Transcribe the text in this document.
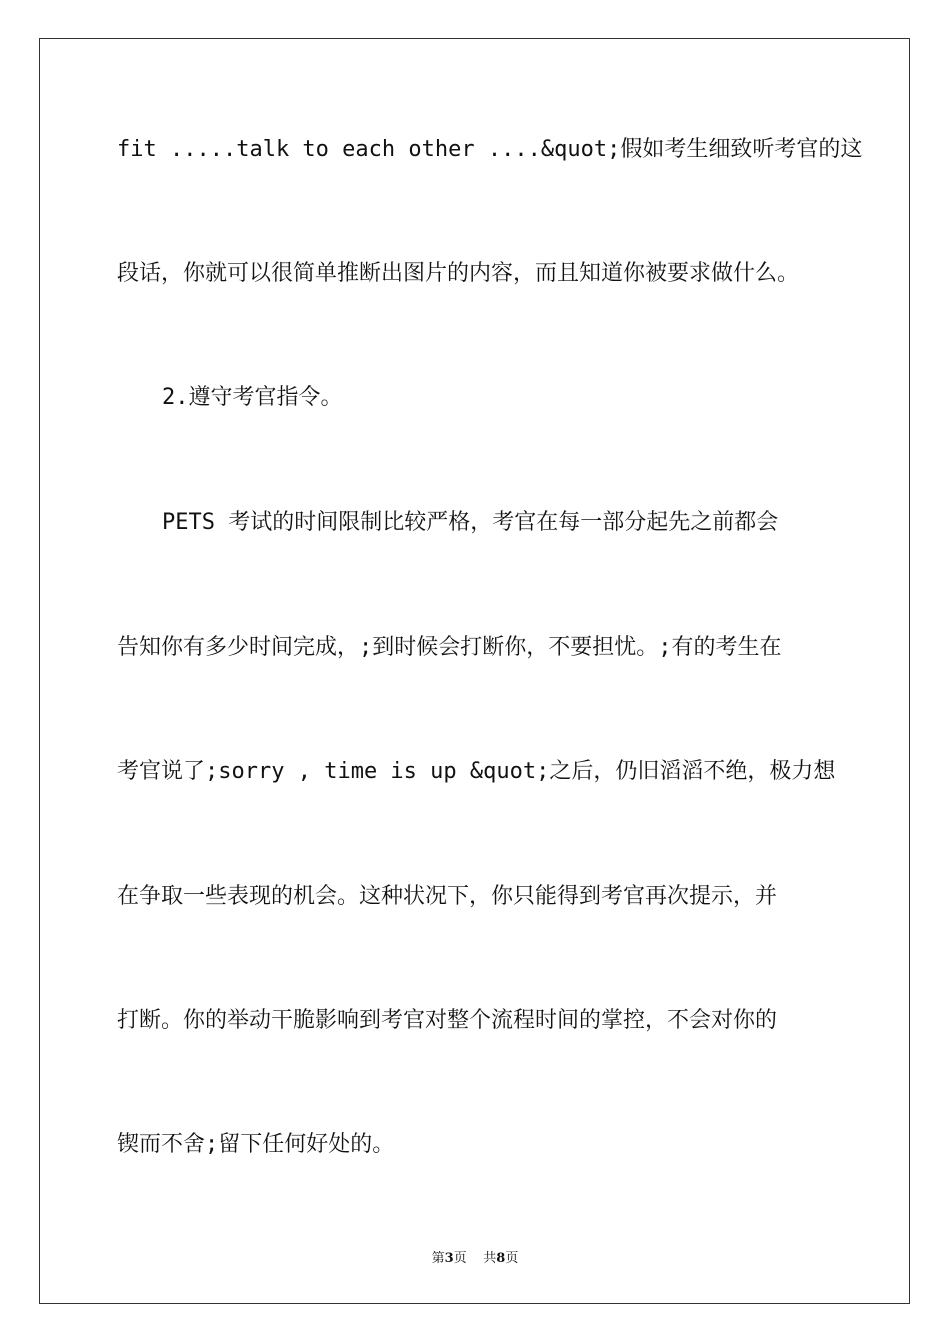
fit .....talk to each other ....&quot;假如考生细致听考官的这
段话，你就可以很简单推断出图片的内容，而且知道你被要求做什么。
2.遵守考官指令。
PETS 考试的时间限制比较严格，考官在每一部分起先之前都会
告知你有多少时间完成，;到时候会打断你，不要担忧。;有的考生在
考官说了;sorry , time is up &quot;之后，仍旧滔滔不绝，极力想
在争取一些表现的机会。这种状况下，你只能得到考官再次提示，并
打断。你的举动干脆影响到考官对整个流程时间的掌控，不会对你的
锲而不舍;留下任何好处的。
第3页 共8页
